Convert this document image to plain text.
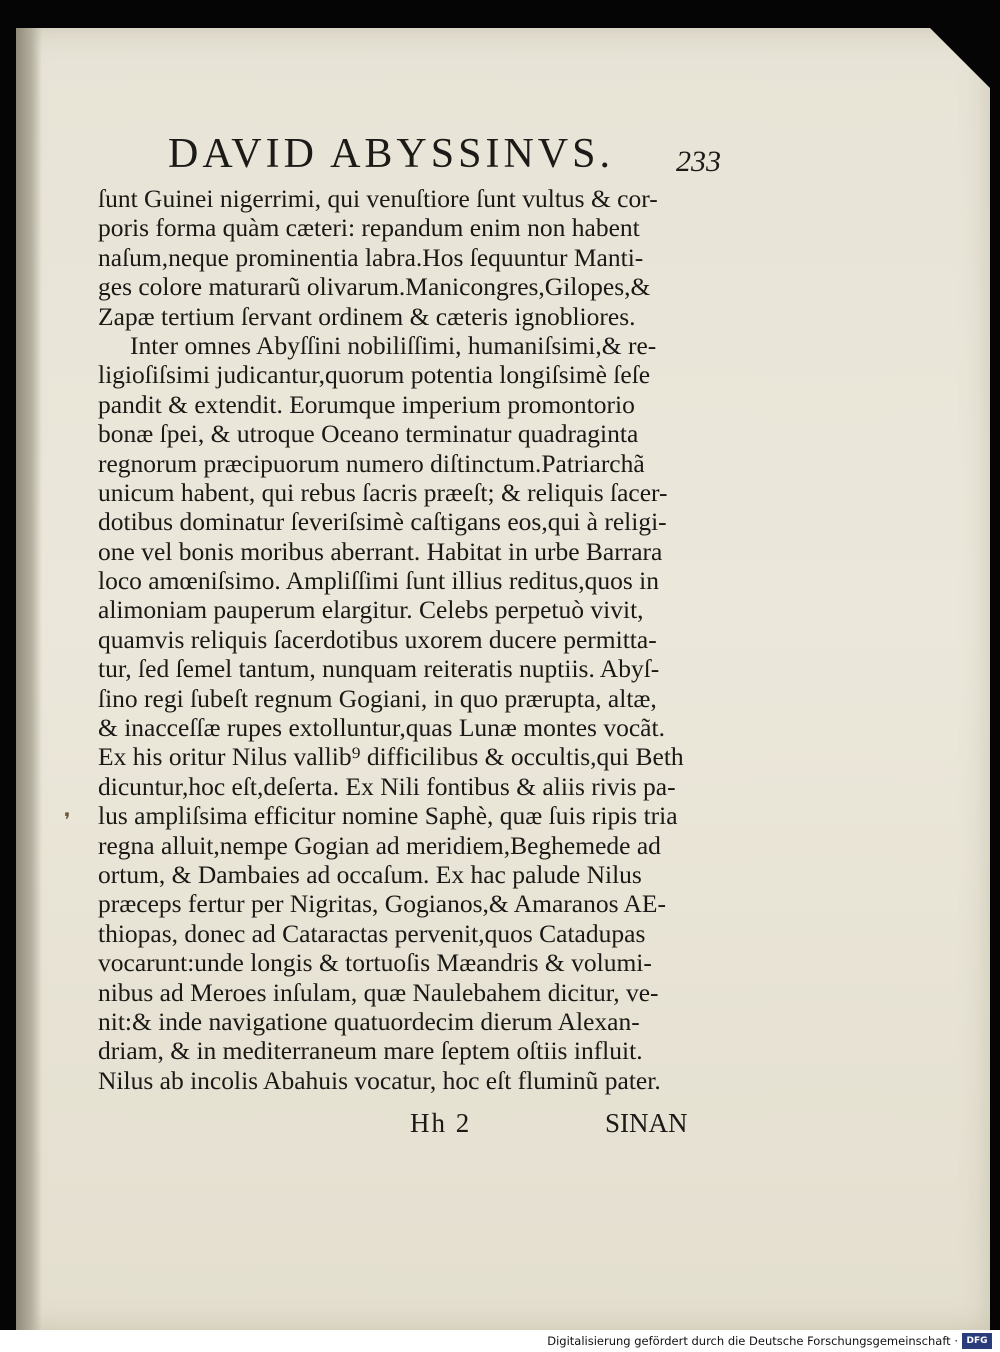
DAVID ABYSSINVS. 233
ſunt Guinei nigerrimi, qui venuſtiore ſunt vultus & cor-
poris forma quàm cæteri: repandum enim non habent
naſum,neque prominentia labra.Hos ſequuntur Manti-
ges colore maturarũ olivarum.Manicongres,Gilopes,&
Zapæ tertium ſervant ordinem & cæteris ignobliores.
Inter omnes Abyſſini nobiliſſimi, humaniſsimi,& re-
ligioſiſsimi judicantur,quorum potentia longiſsimè ſeſe
pandit & extendit. Eorumque imperium promontorio
bonæ ſpei, & utroque Oceano terminatur quadraginta
regnorum præcipuorum numero diſtinctum.Patriarchã
unicum habent, qui rebus ſacris præeſt; & reliquis ſacer-
dotibus dominatur ſeveriſsimè caſtigans eos,qui à religi-
one vel bonis moribus aberrant. Habitat in urbe Barrara
loco amœniſsimo. Ampliſſimi ſunt illius reditus,quos in
alimoniam pauperum elargitur. Celebs perpetuò vivit,
quamvis reliquis ſacerdotibus uxorem ducere permitta-
tur, ſed ſemel tantum, nunquam reiteratis nuptiis. Abyſ-
ſino regi ſubeſt regnum Gogiani, in quo prærupta, altæ,
& inacceſſæ rupes extolluntur,quas Lunæ montes vocãt.
Ex his oritur Nilus vallib⁹ difficilibus & occultis,qui Beth
dicuntur,hoc eſt,deſerta. Ex Nili fontibus & aliis rivis pa-
lus ampliſsima efficitur nomine Saphè, quæ ſuis ripis tria
regna alluit,nempe Gogian ad meridiem,Beghemede ad
ortum, & Dambaies ad occaſum. Ex hac palude Nilus
præceps fertur per Nigritas, Gogianos,& Amaranos AE-
thiopas, donec ad Cataractas pervenit,quos Catadupas
vocarunt:unde longis & tortuoſis Mæandris & volumi-
nibus ad Meroes inſulam, quæ Naulebahem dicitur, ve-
nit:& inde navigatione quatuordecim dierum Alexan-
driam, & in mediterraneum mare ſeptem oſtiis influit.
Nilus ab incolis Abahuis vocatur, hoc eſt fluminũ pater.
❜
Hh 2	SINAN
Digitalisierung gefördert durch die Deutsche Forschungsgemeinschaft · DFG
